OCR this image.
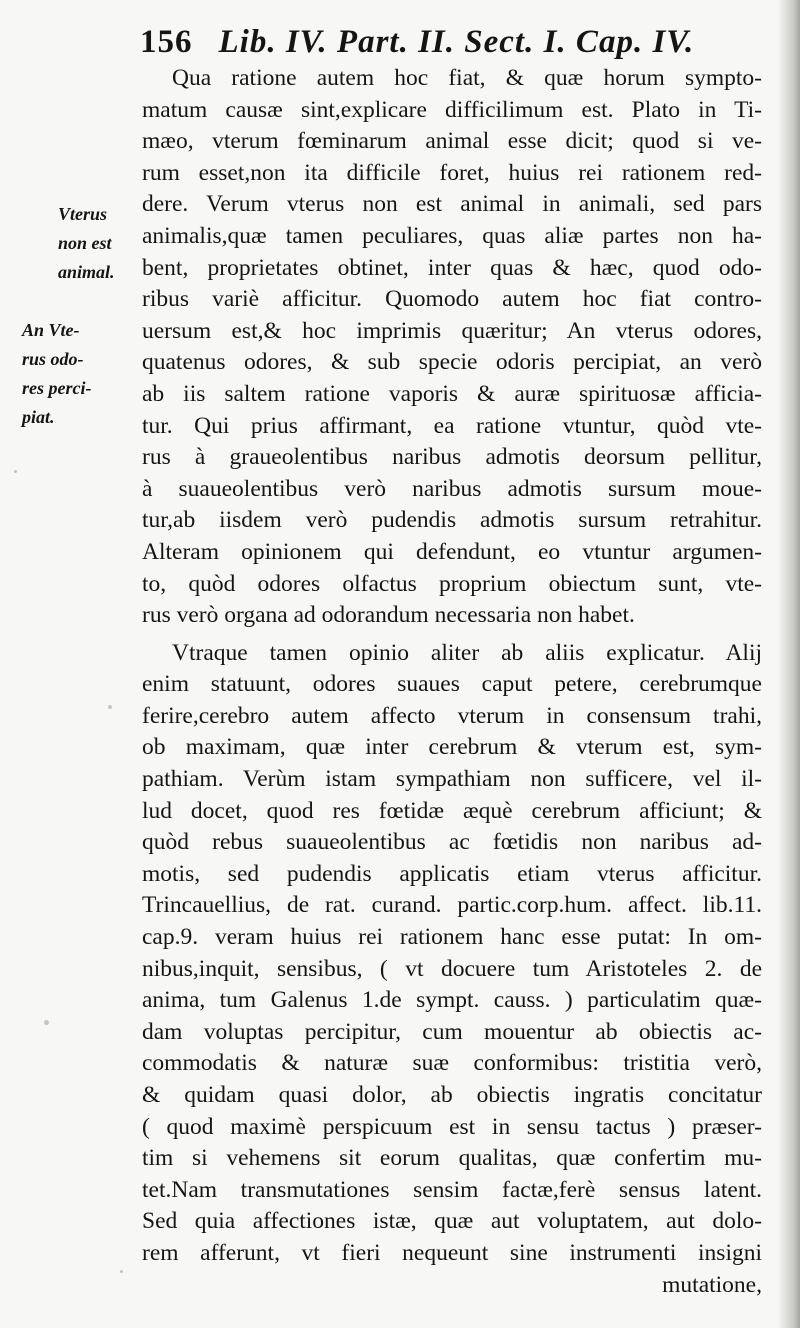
156 Lib. IV. Part. II. Sect. I. Cap. IV.
Vterus
non est
animal.
An Vte-
rus odo-
res perci-
piat.
Qua ratione autem hoc fiat, & quæ horum sympto-
matum causæ sint,explicare difficilimum est. Plato in Ti-
mæo, vterum fœminarum animal esse dicit; quod si ve-
rum esset,non ita difficile foret, huius rei rationem red-
dere. Verum vterus non est animal in animali, sed pars
animalis,quæ tamen peculiares, quas aliæ partes non ha-
bent, proprietates obtinet, inter quas & hæc, quod odo-
ribus variè afficitur. Quomodo autem hoc fiat contro-
uersum est,& hoc imprimis quæritur; An vterus odores,
quatenus odores, & sub specie odoris percipiat, an verò
ab iis saltem ratione vaporis & auræ spirituosæ afficia-
tur. Qui prius affirmant, ea ratione vtuntur, quòd vte-
rus à graueolentibus naribus admotis deorsum pellitur,
à suaueolentibus verò naribus admotis sursum moue-
tur,ab iisdem verò pudendis admotis sursum retrahitur.
Alteram opinionem qui defendunt, eo vtuntur argumen-
to, quòd odores olfactus proprium obiectum sunt, vte-
rus verò organa ad odorandum necessaria non habet.
Vtraque tamen opinio aliter ab aliis explicatur. Alij
enim statuunt, odores suaues caput petere, cerebrumque
ferire,cerebro autem affecto vterum in consensum trahi,
ob maximam, quæ inter cerebrum & vterum est, sym-
pathiam. Verùm istam sympathiam non sufficere, vel il-
lud docet, quod res fœtidæ æquè cerebrum afficiunt; &
quòd rebus suaueolentibus ac fœtidis non naribus ad-
motis, sed pudendis applicatis etiam vterus afficitur.
Trincauellius, de rat. curand. partic.corp.hum. affect. lib.11.
cap.9. veram huius rei rationem hanc esse putat: In om-
nibus,inquit, sensibus, ( vt docuere tum Aristoteles 2. de
anima, tum Galenus 1.de sympt. causs. ) particulatim quæ-
dam voluptas percipitur, cum mouentur ab obiectis ac-
commodatis & naturæ suæ conformibus: tristitia verò,
& quidam quasi dolor, ab obiectis ingratis concitatur
( quod maximè perspicuum est in sensu tactus ) præser-
tim si vehemens sit eorum qualitas, quæ confertim mu-
tet.Nam transmutationes sensim factæ,ferè sensus latent.
Sed quia affectiones istæ, quæ aut voluptatem, aut dolo-
rem afferunt, vt fieri nequeunt sine instrumenti insigni
mutatione,
